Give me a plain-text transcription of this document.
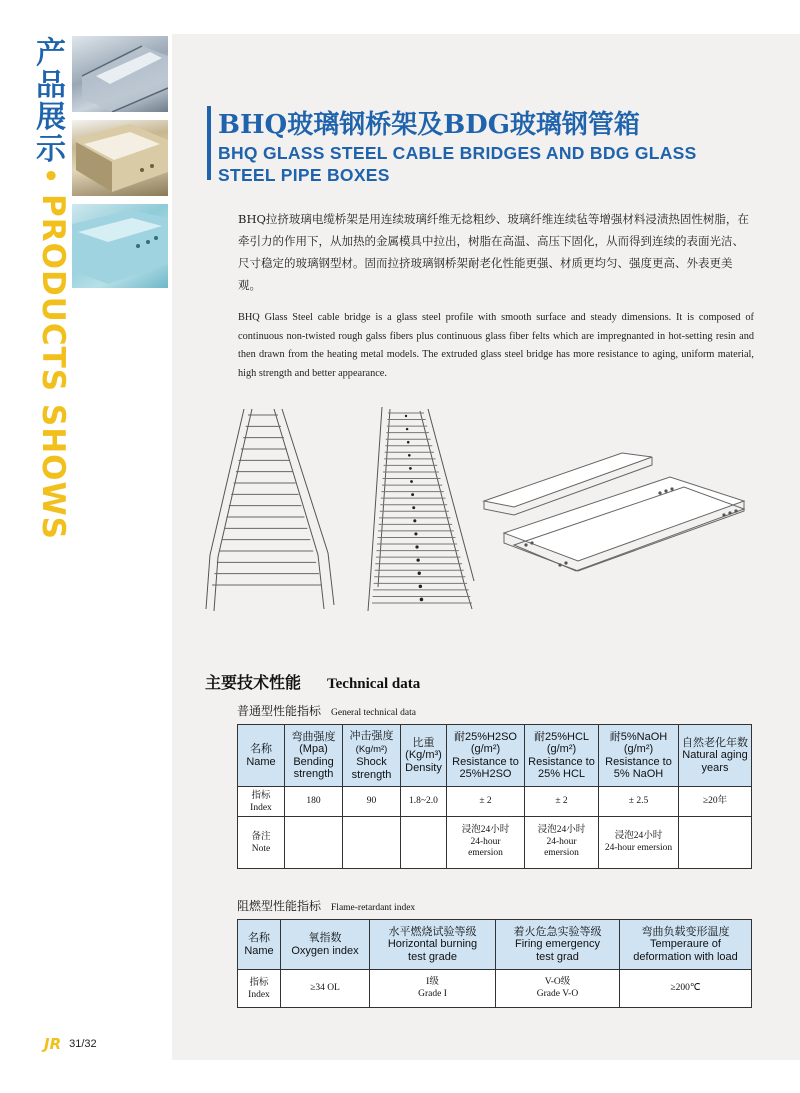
产
品
展
示
•
PRODUCTS SHOWS
BHQ玻璃钢桥架及BDG玻璃钢管箱
BHQ GLASS STEEL CABLE BRIDGES AND BDG GLASS STEEL PIPE BOXES

BHQ拉挤玻璃电缆桥架是用连续玻璃纤维无捻粗纱、玻璃纤维连续毡等增强材料浸渍热固性树脂，在牵引力的作用下，从加热的金属模具中拉出，树脂在高温、高压下固化，从而得到连续的表面光洁、尺寸稳定的玻璃钢型材。固而拉挤玻璃钢桥架耐老化性能更强、材质更均匀、强度更高、外表更美观。

BHQ Glass Steel cable bridge is a glass steel profile with smooth surface and steady dimensions. It is composed of continuous non-twisted rough galss fibers plus continuous glass fiber felts which are impregnanted in hot-setting resin and then drawn from the heating metal models. The extruded glass steel bridge has more resistance to aging, uniform material, high strength and better appearance.

主要技术性能 Technical data
普通型性能指标 General technical data
名称
Name	弯曲强度
(Mpa)
Bending
strength	冲击强度
(Kg/m²)
Shock
strength	比重
(Kg/m³)
Density	耐25%H2SO
(g/m²)
Resistance to
25%H2SO	耐25%HCL
(g/m²)
Resistance to
25% HCL	耐5%NaOH
(g/m²)
Resistance to
5% NaOH	自然老化年数
Natural aging
years
指标
Index	180	90	1.8~2.0	± 2	± 2	± 2.5	≥20年
备注
Note				浸泡24小时
24-hour
emersion	浸泡24小时
24-hour
emersion	浸泡24小时
24-hour emersion	
阻燃型性能指标 Flame-retardant index
名称
Name	氧指数
Oxygen index	水平燃烧试验等级
Horizontal burning
test grade	着火危急实验等级
Firing emergency
test grad	弯曲负载变形温度
Temperaure of
deformation with load
指标
Index	≥34 OL	I级
Grade I	V-O级
Grade V-O	≥200℃
JR 31/32
